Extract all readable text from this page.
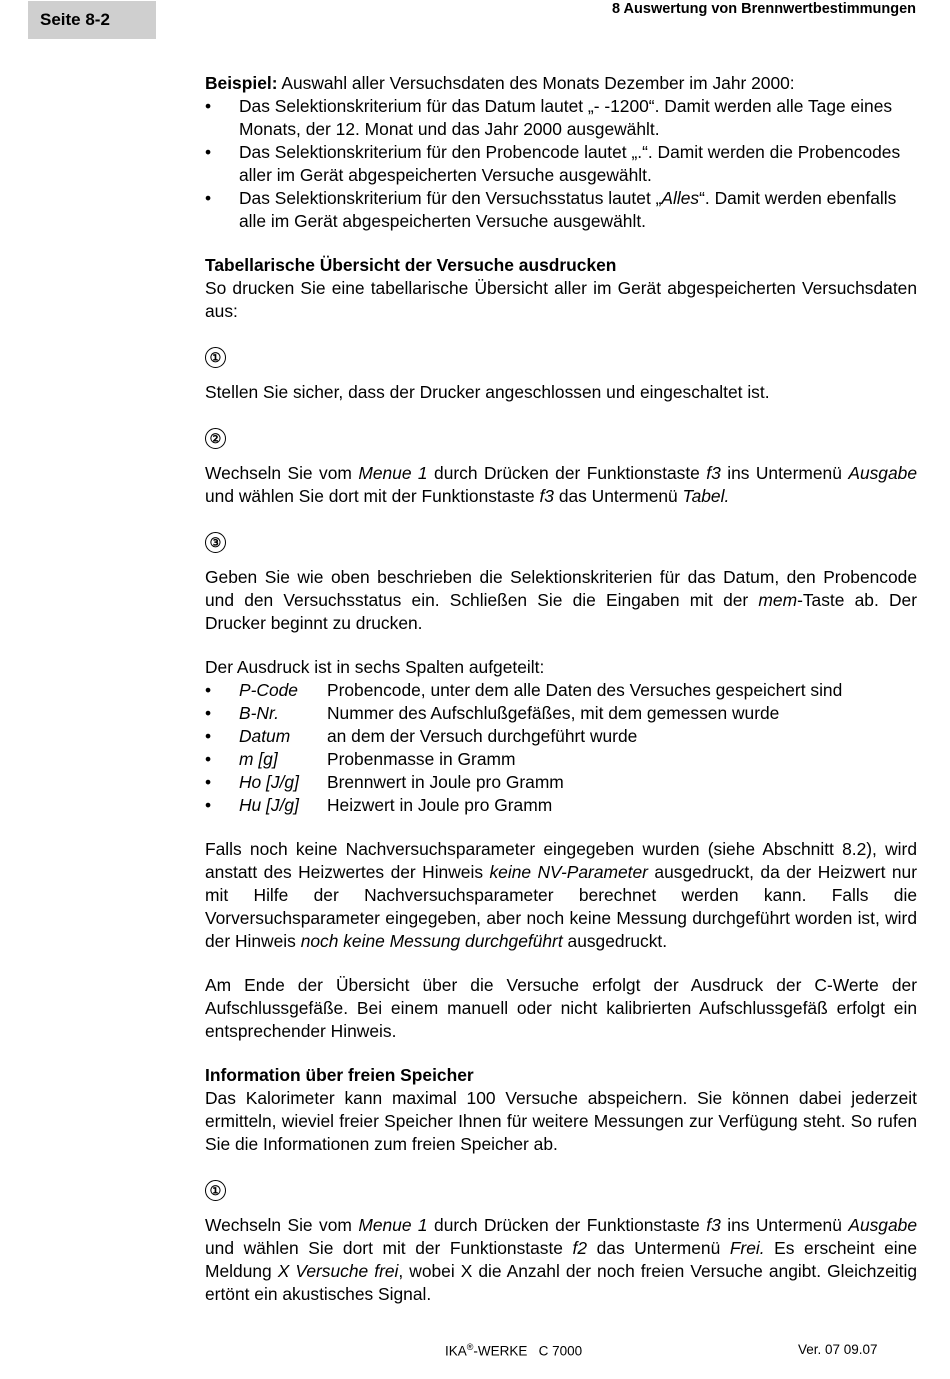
Seite 8-2
8 Auswertung von Brennwertbestimmungen

Beispiel: Auswahl aller Versuchsdaten des Monats Dezember im Jahr 2000:

•	Das Selektionskriterium für das Datum lautet „- -1200“. Damit werden alle Tage eines Monats, der 12. Monat und das Jahr 2000 ausgewählt.
•	Das Selektionskriterium für den Probencode lautet „.“. Damit werden die Probencodes aller im Gerät abgespeicherten Versuche ausgewählt.
•	Das Selektionskriterium für den Versuchsstatus lautet „Alles“. Damit werden ebenfalls alle im Gerät abgespeicherten Versuche ausgewählt.

Tabellarische Übersicht der Versuche ausdrucken

So drucken Sie eine tabellarische Übersicht aller im Gerät abgespeicherten Versuchsdaten aus:

①

Stellen Sie sicher, dass der Drucker angeschlossen und eingeschaltet ist.

②

Wechseln Sie vom Menue 1 durch Drücken der Funktionstaste f3 ins Untermenü Ausgabe und wählen Sie dort mit der Funktionstaste f3 das Untermenü Tabel.

③

Geben Sie wie oben beschrieben die Selektionskriterien für das Datum, den Probencode und den Versuchsstatus ein. Schließen Sie die Eingaben mit der mem-Taste ab. Der Drucker beginnt zu drucken.

Der Ausdruck ist in sechs Spalten aufgeteilt:

•	P-Code	Probencode, unter dem alle Daten des Versuches gespeichert sind
•	B-Nr.	Nummer des Aufschlußgefäßes, mit dem gemessen wurde
•	Datum	an dem der Versuch durchgeführt wurde
•	m [g]	Probenmasse in Gramm
•	Ho [J/g]	Brennwert in Joule pro Gramm
•	Hu [J/g]	Heizwert in Joule pro Gramm

Falls noch keine Nachversuchsparameter eingegeben wurden (siehe Abschnitt 8.2), wird anstatt des Heizwertes der Hinweis keine NV-Parameter ausgedruckt, da der Heizwert nur mit Hilfe der Nachversuchsparameter berechnet werden kann. Falls die Vorversuchsparameter eingegeben, aber noch keine Messung durchgeführt worden ist, wird der Hinweis noch keine Messung durchgeführt ausgedruckt.

Am Ende der Übersicht über die Versuche erfolgt der Ausdruck der C-Werte der Aufschlussgefäße. Bei einem manuell oder nicht kalibrierten Aufschlussgefäß erfolgt ein entsprechender Hinweis.

Information über freien Speicher

Das Kalorimeter kann maximal 100 Versuche abspeichern. Sie können dabei jederzeit ermitteln, wieviel freier Speicher Ihnen für weitere Messungen zur Verfügung steht. So rufen Sie die Informationen zum freien Speicher ab.

①

Wechseln Sie vom Menue 1 durch Drücken der Funktionstaste f3 ins Untermenü Ausgabe und wählen Sie dort mit der Funktionstaste f2 das Untermenü Frei. Es erscheint eine Meldung X Versuche frei, wobei X die Anzahl der noch freien Versuche angibt. Gleichzeitig ertönt ein akustisches Signal.

IKA®-WERKE   C 7000	Ver. 07 09.07
